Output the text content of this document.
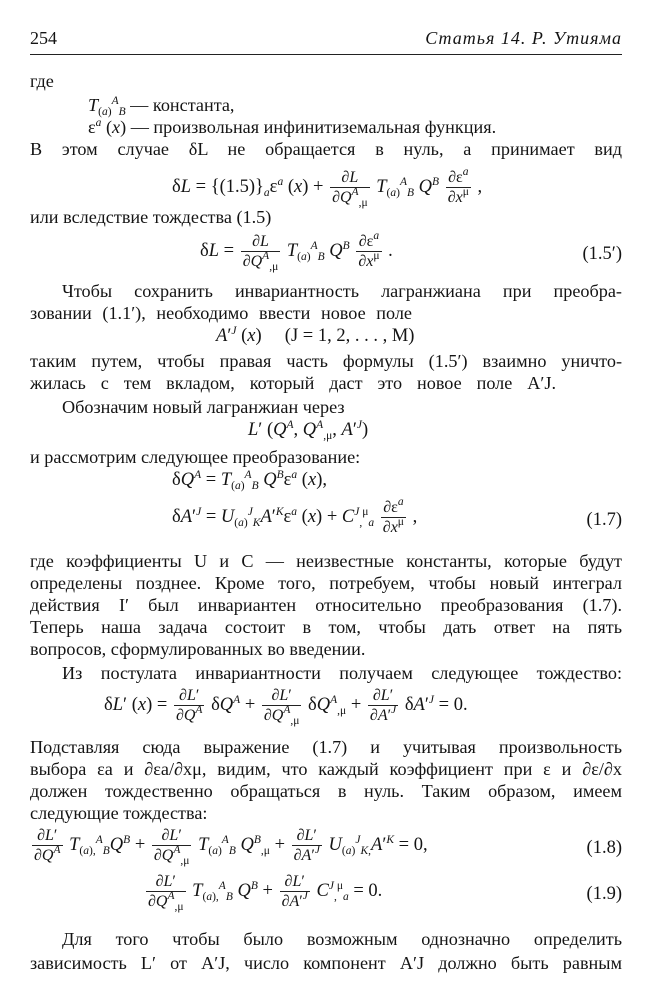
254	Статья 14. Р. Утияма
где
$T_{(a)}^A_B$ — константа,
$\varepsilon^a$ (x) — произвольная инфинитиземальная функция.
В этом случае δL не обращается в нуль, а принимает вид
$\delta L = \{(1.5)\}_a\varepsilon^a$ $(x) + \frac{\partial L}{\partial Q^A_{,\mu}} T_{(a)}^A_B$ $Q^B \frac{\partial\varepsilon^a}{\partial x^\mu}$ ,
или вследствие тождества (1.5)
$\delta L = \frac{\partial L}{\partial Q^A_{,\mu}} T_{(a)}^A_B$ $Q^B \frac{\partial\varepsilon^a}{\partial x^\mu}$ .	(1.5′)
Чтобы сохранить инвариантность лагранжиана при преобра-
зовании (1.1′), необходимо ввести новое поле
$A'^J$ (x)     (J = 1, 2, . . . , M)
таким путем, чтобы правая часть формулы (1.5′) взаимно уничто-
жилась с тем вкладом, который даст это новое поле A′J.
Обозначим новый лагранжиан через
L′ ($Q^A$, $Q^A_{,\mu}$, $A'^J$)
и рассмотрим следующее преобразование:
$\delta Q^A = T_{(a)}^A_B$ $Q^B\varepsilon^a$ (x),
$\delta A'^J = U_{(a)}^J_KA'^K\varepsilon^a$ $(x) + C^J_,^\mu_a \frac{\partial\varepsilon^a}{\partial x^\mu}$ ,	(1.7)
где коэффициенты U и C — неизвестные константы, которые будут
определены позднее. Кроме того, потребуем, чтобы новый интеграл
действия I′ был инвариантен относительно преобразования (1.7).
Теперь наша задача состоит в том, чтобы дать ответ на пять
вопросов, сформулированных во введении.
Из постулата инвариантности получаем следующее тождество:
δL′ $(x) = \frac{\partial L'}{\partial Q^A} \delta Q^A + \frac{\partial L'}{\partial Q^A_{,\mu}} \delta Q^A_{,\mu} + \frac{\partial L'}{\partial A'^J} \delta A'^J = 0$.
Подставляя сюда выражение (1.7) и учитывая произвольность
выбора εa и ∂εa/∂xμ, видим, что каждый коэффициент при ε и ∂ε/∂x
должен тождественно обращаться в нуль. Таким образом, имеем
следующие тождества:
$\frac{\partial L'}{\partial Q^A} T_{(a),}^A_BQ^B + \frac{\partial L'}{\partial Q^A_{,\mu}} T_{(a)}^A_B$ $Q^B_{,\mu} + \frac{\partial L'}{\partial A'^J} U_{(a)}^J_{K,}A'^K = 0$,	(1.8)
$\frac{\partial L'}{\partial Q^A_{,\mu}} T_{(a),}^A_B$ $Q^B + \frac{\partial L'}{\partial A'^J} C^J_,^\mu_a = 0$.	(1.9)
Для того чтобы было возможным однозначно определить
зависимость L′ от A′J, число компонент A′J должно быть равным
